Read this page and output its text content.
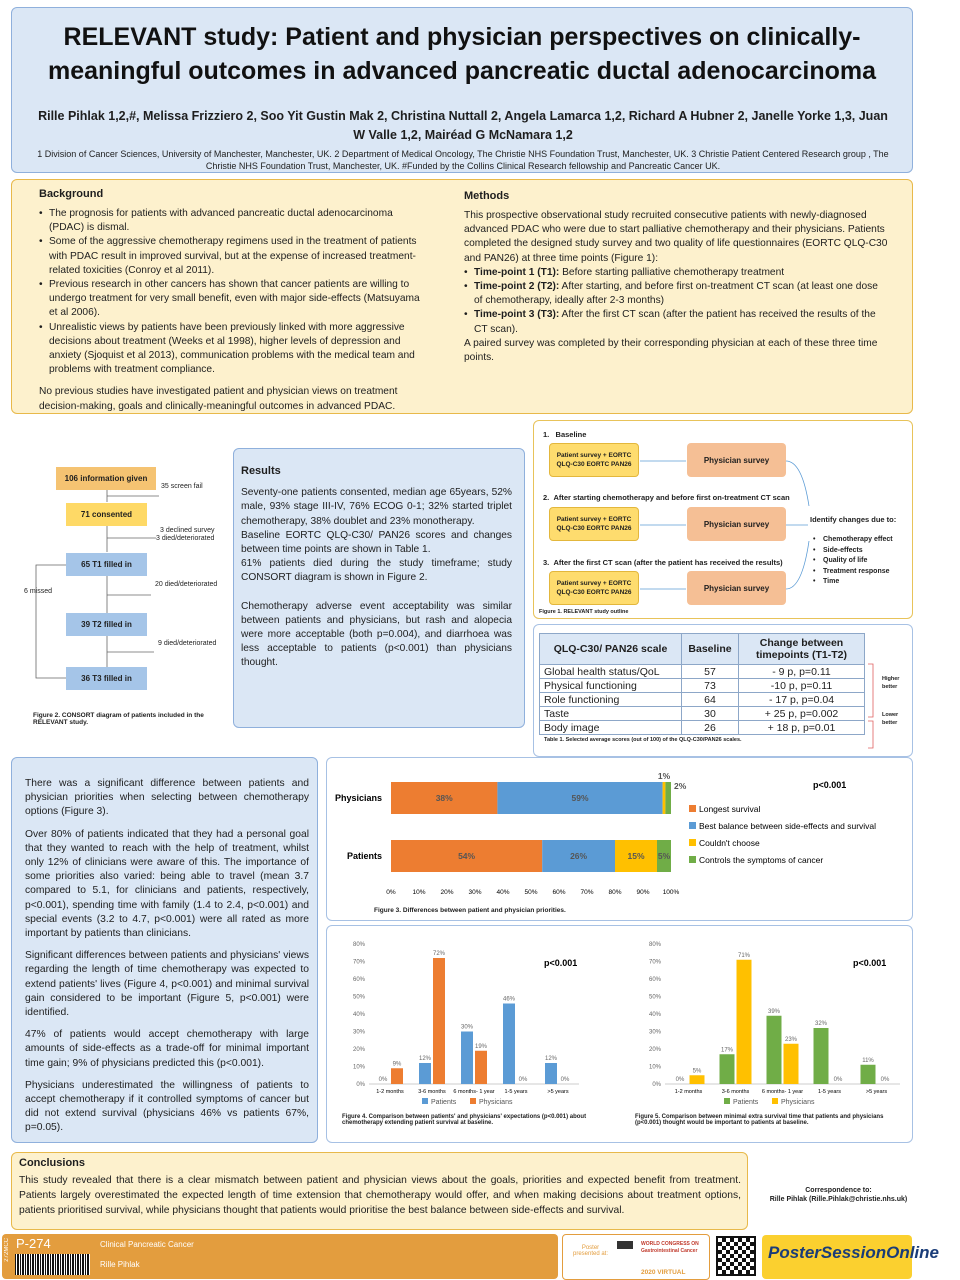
RELEVANT study: Patient and physician perspectives on clinically-meaningful outcomes in advanced pancreatic ductal adenocarcinoma
Rille Pihlak 1,2,#, Melissa Frizziero 2, Soo Yit Gustin Mak 2, Christina Nuttall 2, Angela Lamarca 1,2, Richard A Hubner 2, Janelle Yorke 1,3, Juan W Valle 1,2, Mairéad G McNamara 1,2
1 Division of Cancer Sciences, University of Manchester, Manchester, UK. 2 Department of Medical Oncology, The Christie NHS Foundation Trust, Manchester, UK. 3 Christie Patient Centered Research group , The Christie NHS Foundation Trust, Manchester, UK. #Funded by the Collins Clinical Research fellowship and Pancreatic Cancer UK.
Background
• The prognosis for patients with advanced pancreatic ductal adenocarcinoma (PDAC) is dismal.
• Some of the aggressive chemotherapy regimens used in the treatment of patients with PDAC result in improved survival, but at the expense of increased treatment-related toxicities (Conroy et al 2011).
• Previous research in other cancers has shown that cancer patients are willing to undergo treatment for very small benefit, even with major side-effects (Matsuyama et al 2006).
• Unrealistic views by patients have been previously linked with more aggressive decisions about treatment (Weeks et al 1998), higher levels of depression and anxiety (Sjoquist et al 2013), communication problems with the medical team and problems with treatment compliance.
No previous studies have investigated patient and physician views on treatment decision-making, goals and clinically-meaningful outcomes in advanced PDAC.
Methods
This prospective observational study recruited consecutive patients with newly-diagnosed advanced PDAC who were due to start palliative chemotherapy and their physicians. Patients completed the designed study survey and two quality of life questionnaires (EORTC QLQ-C30 and PAN26) at three time points (Figure 1):
• Time-point 1 (T1): Before starting palliative chemotherapy treatment
• Time-point 2 (T2): After starting, and before first on-treatment CT scan (at least one dose of chemotherapy, ideally after 2-3 months)
• Time-point 3 (T3): After the first CT scan (after the patient has received the results of the CT scan).
A paired survey was completed by their corresponding physician at each of these three time points.
106 information given
71 consented
65 T1 filled in
39 T2 filled in
36 T3 filled in
35 screen fail
3 declined survey
3 died/deteriorated
20 died/deteriorated
9 died/deteriorated
6 missed
Figure 2. CONSORT diagram of patients included in the RELEVANT study.
Results
Seventy-one patients consented, median age 65years, 52% male, 93% stage III-IV, 76% ECOG 0-1; 32% started triplet chemotherapy, 38% doublet and 23% monotherapy.
Baseline EORTC QLQ-C30/ PAN26 scores and changes between time points are shown in Table 1.
61% patients died during the study timeframe; study CONSORT diagram is shown in Figure 2.
Chemotherapy adverse event acceptability was similar between patients and physicians, but rash and alopecia were more acceptable (both p=0.004), and diarrhoea was less acceptable to patients (p<0.001) than physicians thought.
1. Baseline
2. After starting chemotherapy and before first on-treatment CT scan
3. After the first CT scan (after the patient has received the results)
Patient survey + EORTC QLQ-C30 EORTC PAN26	Physician survey
Patient survey + EORTC QLQ-C30 EORTC PAN26	Physician survey
Patient survey + EORTC QLQ-C30 EORTC PAN26	Physician survey
Identify changes due to:
• Chemotherapy effect
• Side-effects
• Quality of life
• Treatment response
• Time
Figure 1. RELEVANT study outline
QLQ-C30/ PAN26 scale	Baseline	Change between timepoints (T1-T2)
Global health status/QoL	57	- 9 p, p=0.11
Physical functioning	73	-10 p, p=0.11
Role functioning	64	- 17 p, p=0.04
Taste	30	+ 25 p, p=0.002
Body image	26	+ 18 p, p=0.01
Higher better
Lower better
Table 1. Selected average scores (out of 100) of the QLQ-C30/PAN26 scales.
There was a significant difference between patients and physician priorities when selecting between chemotherapy options (Figure 3).
Over 80% of patients indicated that they had a personal goal that they wanted to reach with the help of treatment, whilst only 12% of clinicians were aware of this. The importance of some priorities also varied: being able to travel (mean 3.7 compared to 5.1, for clinicians and patients, respectively, p<0.001), spending time with family (1.4 to 2.4, p<0.001) and special events (3.2 to 4.7, p<0.001) were all rated as more important by patients than clinicians.
Significant differences between patients and physicians' views regarding the length of time chemotherapy was expected to extend patients' lives (Figure 4, p<0.001) and minimal survival gain considered to be important (Figure 5, p<0.001) were identified.
47% of patients would accept chemotherapy with large amounts of side-effects as a trade-off for minimal important time gain; 9% of physicians predicted this (p<0.001).
Physicians underestimated the willingness of patients to accept chemotherapy if it controlled symptoms of cancer but did not extend survival (physicians 46% vs patients 67%, p=0.05).
0%	10% 20% 30% 40% 50% 60% 70% 80% 90% 100%
Physicians	38%	59%
1%
2%
Patients	54%	26%	15% 5%
Longest survival
Best balance between side-effects and survival
Couldn't choose
Controls the symptoms of cancer
p<0.001
Figure 3. Differences between patient and physician priorities.
0%
10%
20%
30%
40%
50%
60%
70%
80%
1-2 months
0%
9%
3-6 months
12%
72%
6 months- 1 year
30%
19%
1-5 years
46%
0%
>5 years
12%
0%
Patients	Physicians
p<0.001
Figure 4. Comparison between patients' and physicians' expectations (p<0.001) about chemotherapy extending patient survival at baseline.
0%
10%
20%
30%
40%
50%
60%
70%
80%
1-2 months
0%
5%
3-6 months
17%
71%
6 months- 1 year
39%
23%
1-5 years
32%
0%
>5 years
11%
0%
Patients	Physicians
p<0.001
Figure 5. Comparison between minimal extra survival time that patients and physicians (p<0.001) thought would be important to patients at baseline.
Conclusions
This study revealed that there is a clear mismatch between patient and physician views about the goals, priorities and expected benefit from treatment. Patients largely overestimated the expected length of time extension that chemotherapy would offer, and when making decisions about treatment options, patients prioritised survival, while physicians thought that patients would prioritise the best balance between side-effects and survival.
Correspondence to:
Rille Pihlak (Rille.Pihlak@christie.nhs.uk)
272MCC P-274	Clinical Pancreatic Cancer
Rille Pihlak
Poster presented at:
WORLD CONGRESS ON Gastrointestinal Cancer
2020 VIRTUAL
PosterSessionOnline.com
